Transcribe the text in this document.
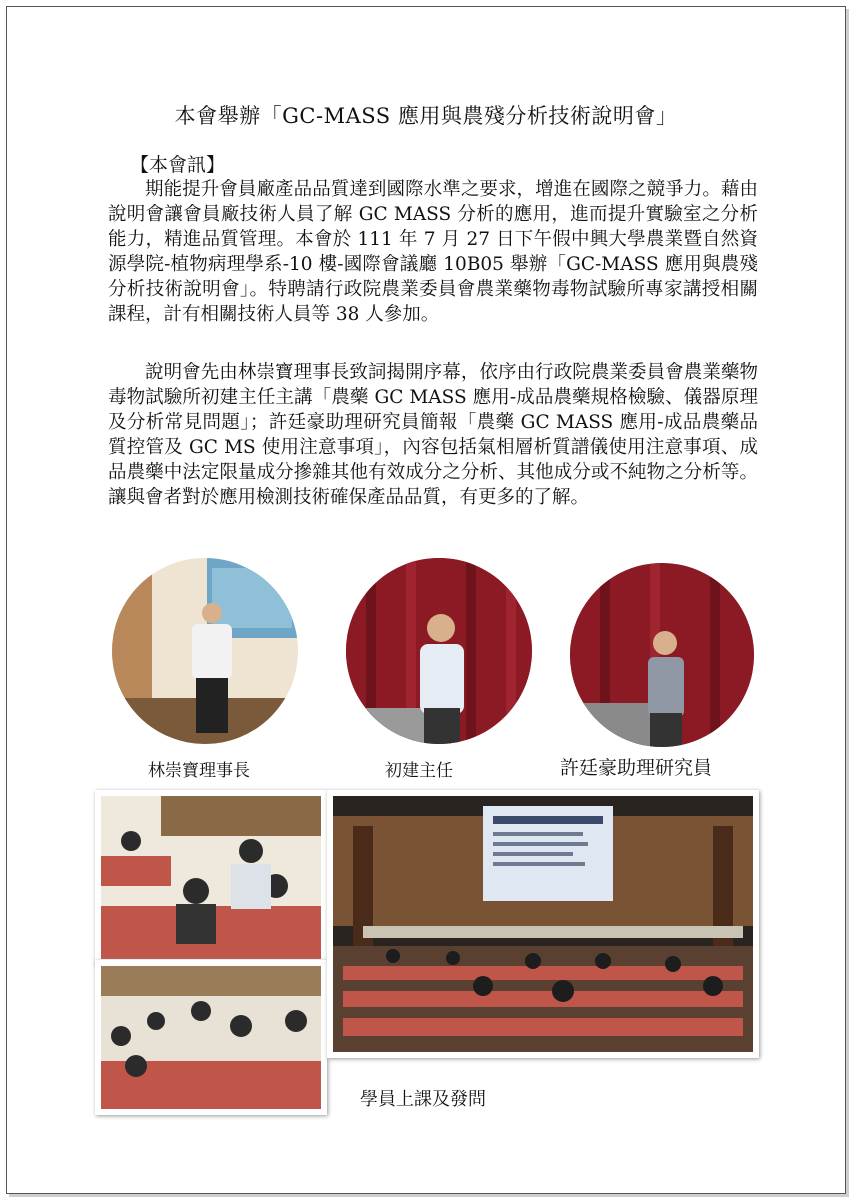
本會舉辦「GC-MASS 應用與農殘分析技術說明會」
【本會訊】
期能提升會員廠產品品質達到國際水準之要求，增進在國際之競爭力。藉由說明會讓會員廠技術人員了解 GC MASS 分析的應用，進而提升實驗室之分析能力，精進品質管理。本會於 111 年 7 月 27 日下午假中興大學農業暨自然資源學院-植物病理學系-10 樓-國際會議廳 10B05 舉辦「GC-MASS 應用與農殘分析技術說明會」。特聘請行政院農業委員會農業藥物毒物試驗所專家講授相關課程，計有相關技術人員等 38 人參加。
說明會先由林崇寶理事長致詞揭開序幕，依序由行政院農業委員會農業藥物毒物試驗所初建主任主講「農藥 GC MASS 應用-成品農藥規格檢驗、儀器原理及分析常見問題」；許廷豪助理研究員簡報「農藥 GC MASS 應用-成品農藥品質控管及 GC MS 使用注意事項」，內容包括氣相層析質譜儀使用注意事項、成品農藥中法定限量成分摻雜其他有效成分之分析、其他成分或不純物之分析等。讓與會者對於應用檢測技術確保產品品質，有更多的了解。
林崇寶理事長	初建主任	許廷豪助理研究員
學員上課及發問
